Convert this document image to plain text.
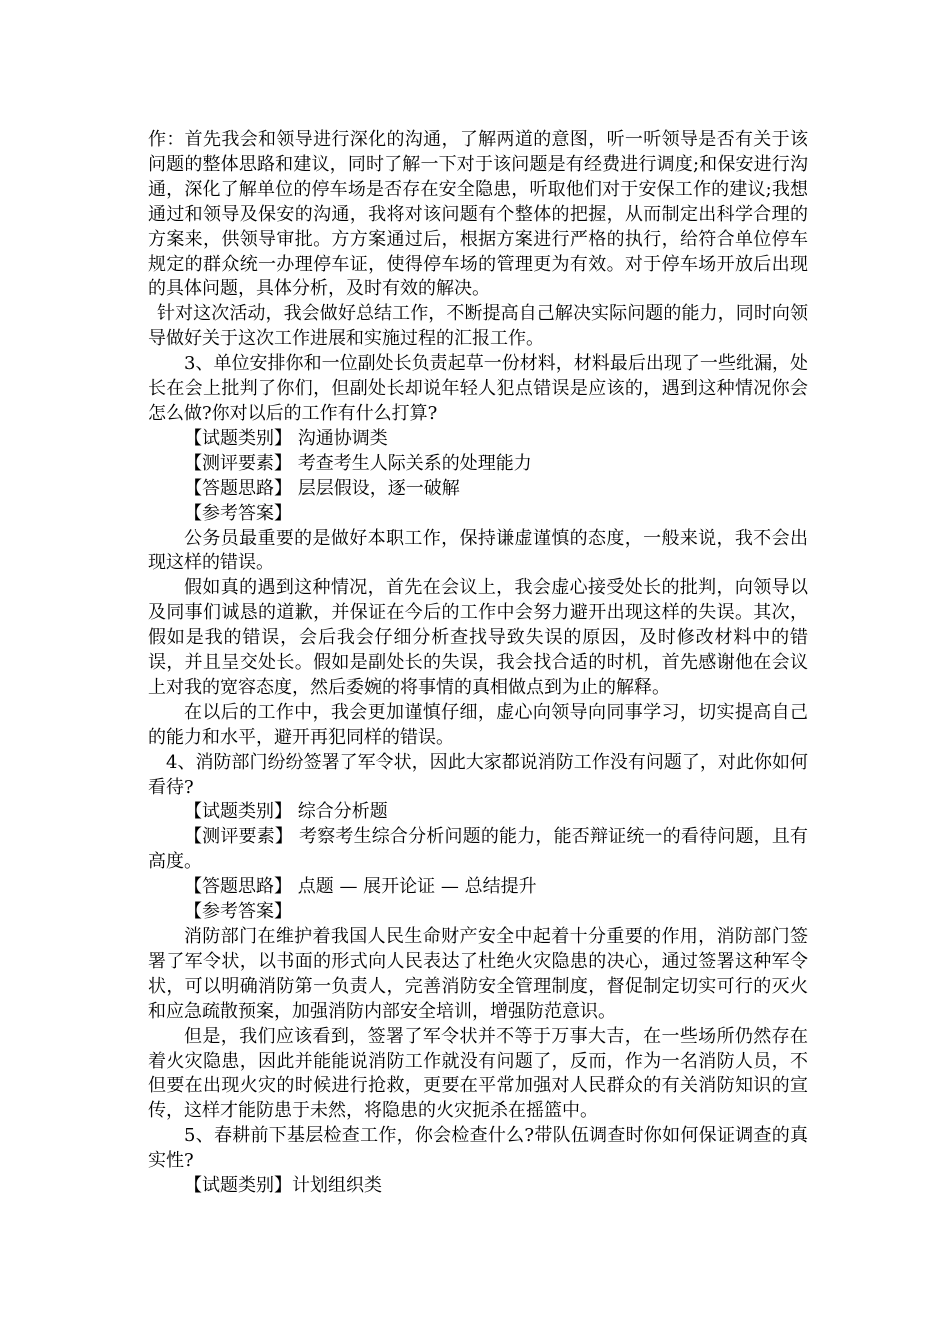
作：首先我会和领导进行深化的沟通，了解两道的意图，听一听领导是否有关于该问题的整体思路和建议，同时了解一下对于该问题是有经费进行调度;和保安进行沟通，深化了解单位的停车场是否存在安全隐患，听取他们对于安保工作的建议;我想通过和领导及保安的沟通，我将对该问题有个整体的把握，从而制定出科学合理的方案来，供领导审批。方方案通过后，根据方案进行严格的执行，给符合单位停车规定的群众统一办理停车证，使得停车场的管理更为有效。对于停车场开放后出现的具体问题，具体分析，及时有效的解决。

针对这次活动，我会做好总结工作，不断提高自己解决实际问题的能力，同时向领导做好关于这次工作进展和实施过程的汇报工作。

3、单位安排你和一位副处长负责起草一份材料，材料最后出现了一些纰漏，处长在会上批判了你们，但副处长却说年轻人犯点错误是应该的，遇到这种情况你会怎么做?你对以后的工作有什么打算?

【试题类别】 沟通协调类

【测评要素】 考查考生人际关系的处理能力

【答题思路】 层层假设，逐一破解

【参考答案】

公务员最重要的是做好本职工作，保持谦虚谨慎的态度，一般来说，我不会出现这样的错误。

假如真的遇到这种情况，首先在会议上，我会虚心接受处长的批判，向领导以及同事们诚恳的道歉，并保证在今后的工作中会努力避开出现这样的失误。其次，假如是我的错误，会后我会仔细分析查找导致失误的原因，及时修改材料中的错误，并且呈交处长。假如是副处长的失误，我会找合适的时机，首先感谢他在会议上对我的宽容态度，然后委婉的将事情的真相做点到为止的解释。

在以后的工作中，我会更加谨慎仔细，虚心向领导向同事学习，切实提高自己的能力和水平，避开再犯同样的错误。

4、消防部门纷纷签署了军令状，因此大家都说消防工作没有问题了，对此你如何看待?

【试题类别】 综合分析题

【测评要素】 考察考生综合分析问题的能力，能否辩证统一的看待问题，且有高度。

【答题思路】 点题 — 展开论证 — 总结提升

【参考答案】

消防部门在维护着我国人民生命财产安全中起着十分重要的作用，消防部门签署了军令状，以书面的形式向人民表达了杜绝火灾隐患的决心，通过签署这种军令状，可以明确消防第一负责人，完善消防安全管理制度，督促制定切实可行的灭火和应急疏散预案，加强消防内部安全培训，增强防范意识。

但是，我们应该看到，签署了军令状并不等于万事大吉，在一些场所仍然存在着火灾隐患，因此并能能说消防工作就没有问题了，反而，作为一名消防人员，不但要在出现火灾的时候进行抢救，更要在平常加强对人民群众的有关消防知识的宣传，这样才能防患于未然，将隐患的火灾扼杀在摇篮中。

5、春耕前下基层检查工作，你会检查什么?带队伍调查时你如何保证调查的真实性?

【试题类别】计划组织类
